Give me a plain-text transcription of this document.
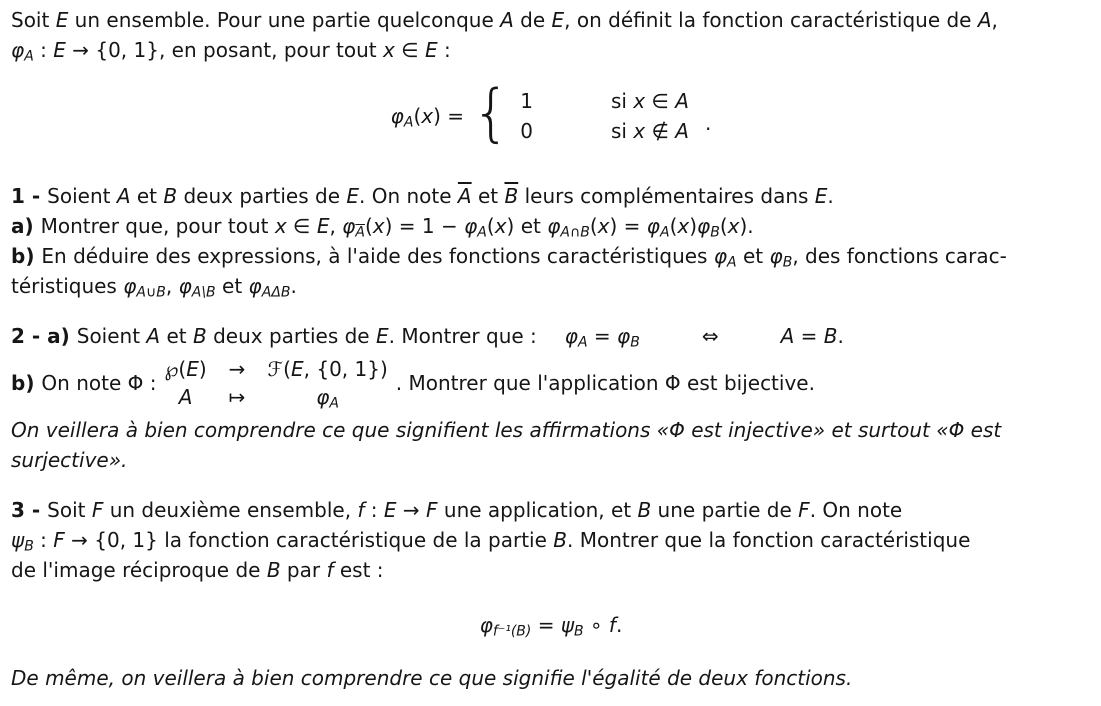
Soit E un ensemble. Pour une partie quelconque A de E, on définit la fonction caractéristique de A,
$\varphi_A$ : E → {0, 1}, en posant, pour tout x ∈ E :
$\varphi_A(x)$ = { 1	si x ∈ A
0	si x ∉ A .
1 - Soient A et B deux parties de E. On note $\overline{A}$ et $\overline{B}$ leurs complémentaires dans E.
a) Montrer que, pour tout x ∈ E, $\varphi_{\overline{A}}(x) = 1 - \varphi_A(x)$ et $\varphi_{A\cap B}(x) = \varphi_A(x)\varphi_B(x)$.
b) En déduire des expressions, à l'aide des fonctions caractéristiques $\varphi_A$ et $\varphi_B$, des fonctions carac-
téristiques $\varphi_{A\cup B}$, $\varphi_{A\backslash B}$ et $\varphi_{A\Delta B}$.
2 - a) Soient A et B deux parties de E. Montrer que : $\varphi_A = \varphi_B$	⇔	A = B.
b) On note Φ :
℘(E) → ℱ(E, {0, 1})
A	↦	$\varphi_A$
. Montrer que l'application Φ est bijective.
On veillera à bien comprendre ce que signifient les affirmations «Φ est injective» et surtout «Φ est
surjective».
3 - Soit F un deuxième ensemble, f : E → F une application, et B une partie de F. On note
$\psi_B$ : F → {0, 1} la fonction caractéristique de la partie B. Montrer que la fonction caractéristique
de l'image réciproque de B par f est :
$\varphi_{f^{-1}(B)} = \psi_B$ ∘ f.
De même, on veillera à bien comprendre ce que signifie l'égalité de deux fonctions.
